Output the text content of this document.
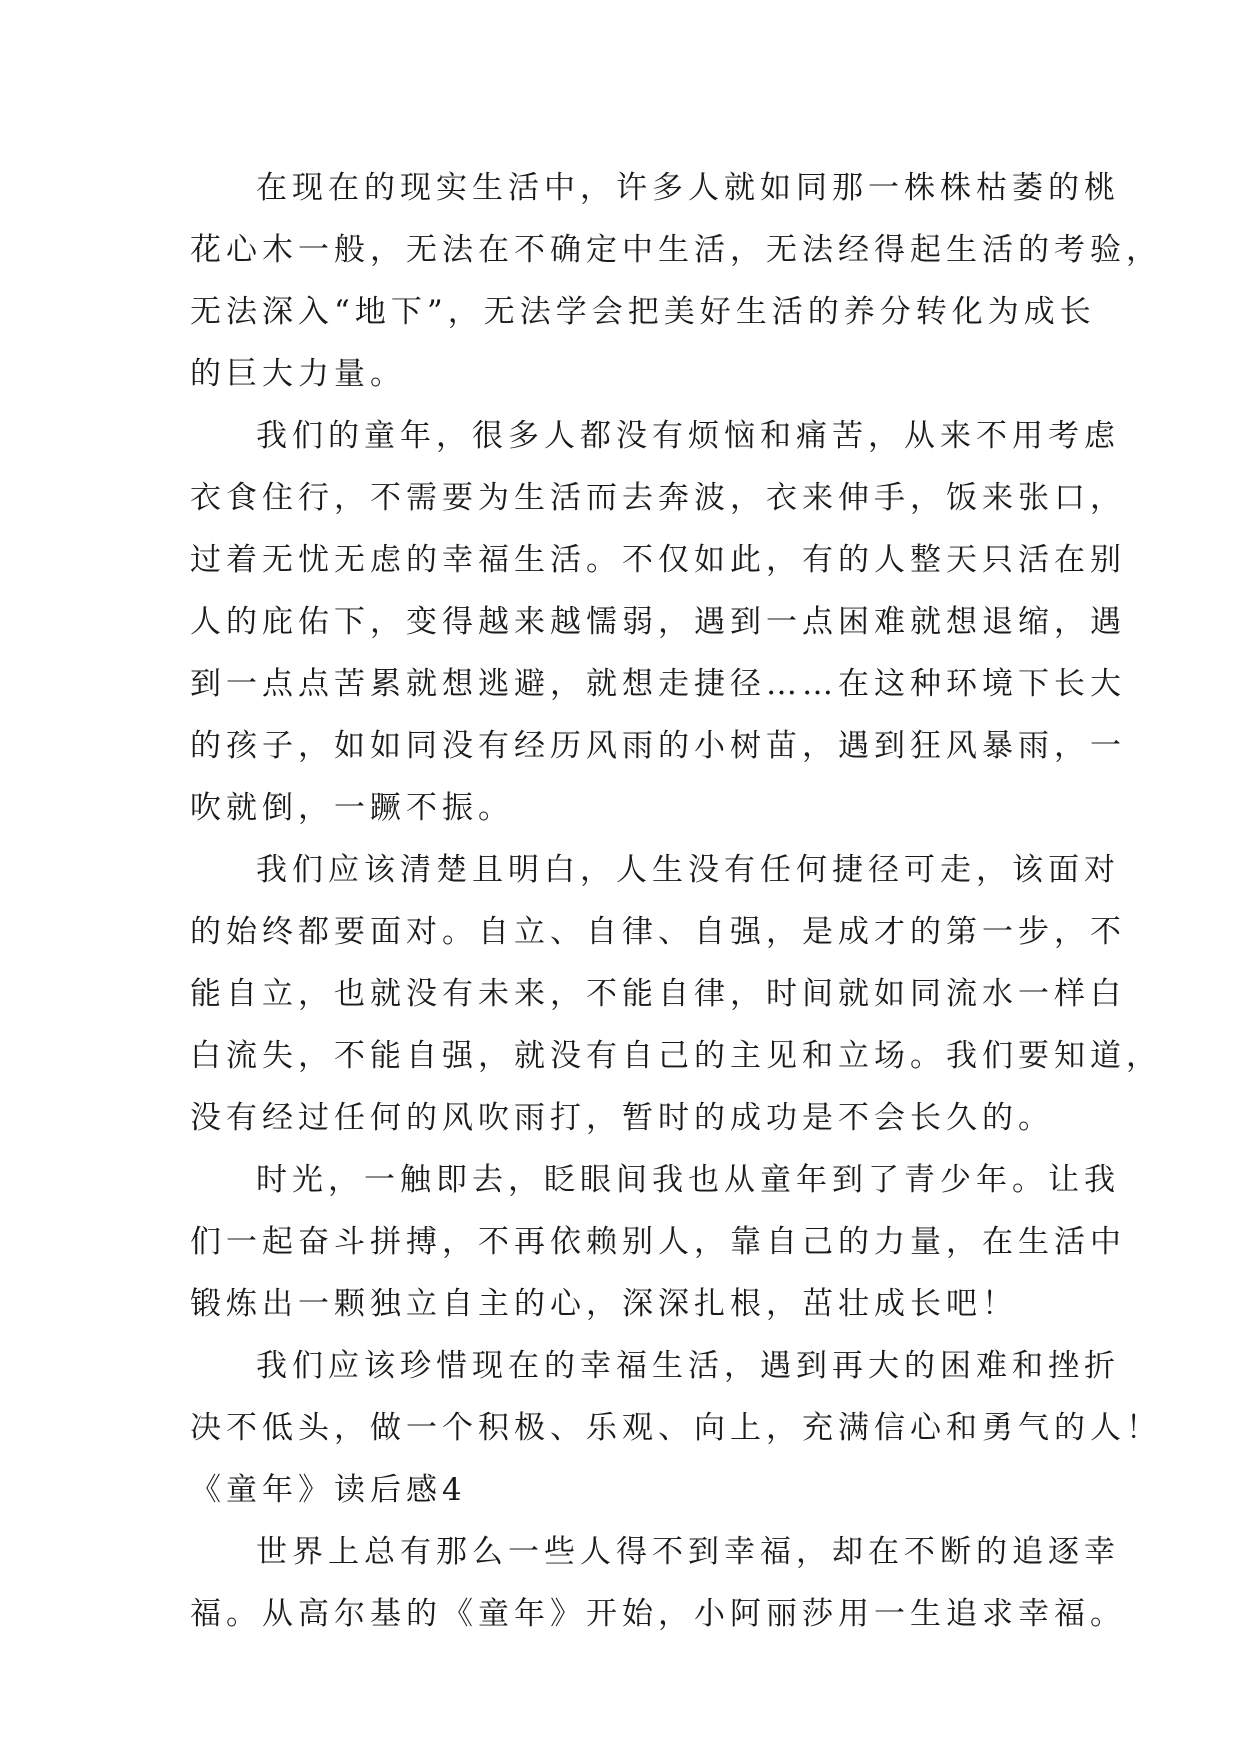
在现在的现实生活中，许多人就如同那一株株枯萎的桃
花心木一般，无法在不确定中生活，无法经得起生活的考验，
无法深入“地下”，无法学会把美好生活的养分转化为成长
的巨大力量。
我们的童年，很多人都没有烦恼和痛苦，从来不用考虑
衣食住行，不需要为生活而去奔波，衣来伸手，饭来张口，
过着无忧无虑的幸福生活。不仅如此，有的人整天只活在别
人的庇佑下，变得越来越懦弱，遇到一点困难就想退缩，遇
到一点点苦累就想逃避，就想走捷径……在这种环境下长大
的孩子，如如同没有经历风雨的小树苗，遇到狂风暴雨，一
吹就倒，一蹶不振。
我们应该清楚且明白，人生没有任何捷径可走，该面对
的始终都要面对。自立、自律、自强，是成才的第一步，不
能自立，也就没有未来，不能自律，时间就如同流水一样白
白流失，不能自强，就没有自己的主见和立场。我们要知道，
没有经过任何的风吹雨打，暂时的成功是不会长久的。
时光，一触即去，眨眼间我也从童年到了青少年。让我
们一起奋斗拼搏，不再依赖别人，靠自己的力量，在生活中
锻炼出一颗独立自主的心，深深扎根，茁壮成长吧！
我们应该珍惜现在的幸福生活，遇到再大的困难和挫折
决不低头，做一个积极、乐观、向上，充满信心和勇气的人！
《童年》读后感4
世界上总有那么一些人得不到幸福，却在不断的追逐幸
福。从高尔基的《童年》开始，小阿丽莎用一生追求幸福。
